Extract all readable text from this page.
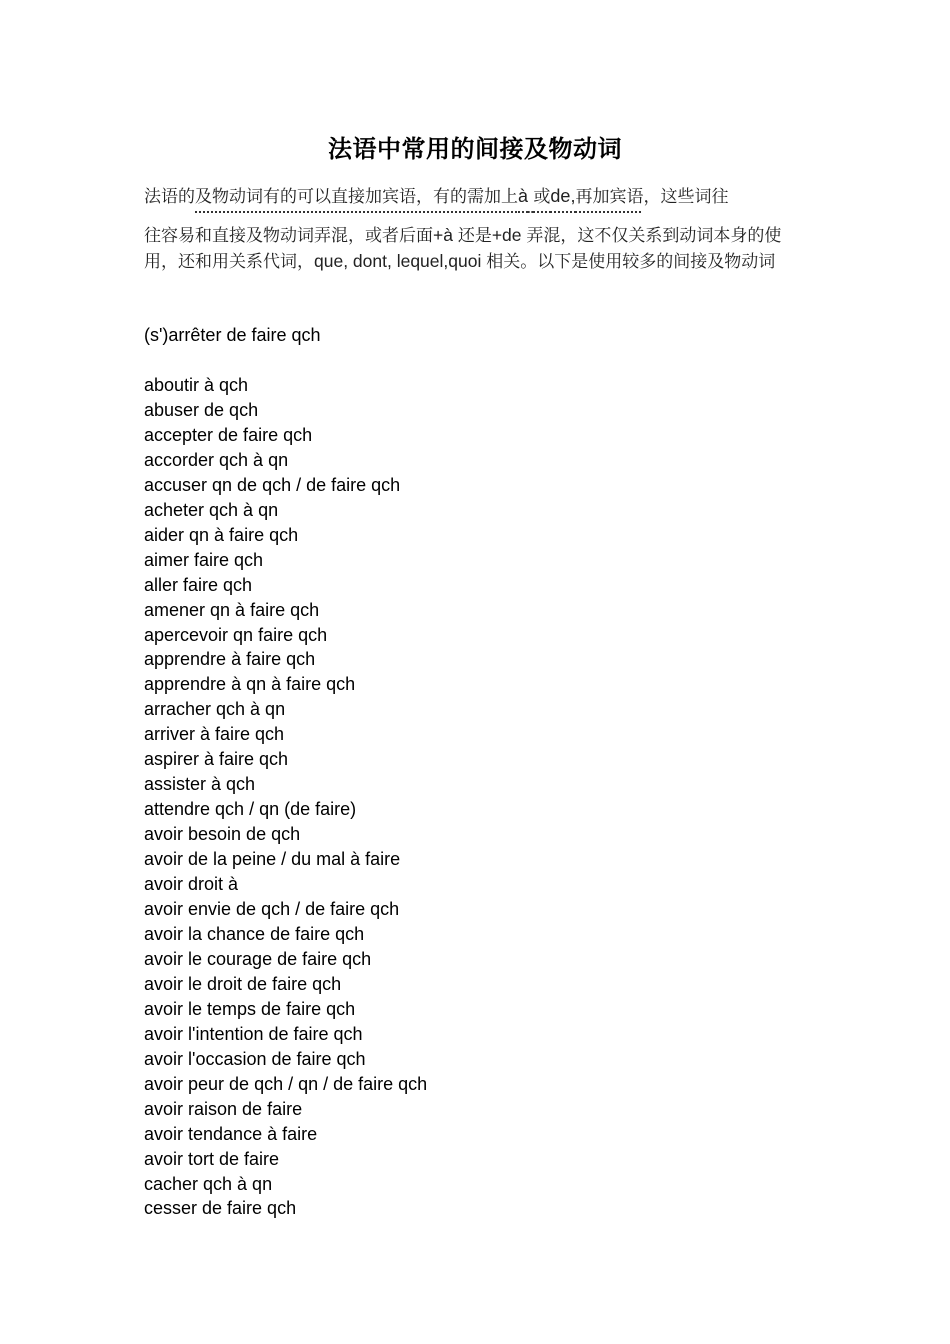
法语中常用的间接及物动词
法语的及物动词有的可以直接加宾语，有的需加上à 或de,再加宾语，这些词往
往容易和直接及物动词弄混，或者后面+à 还是+de 弄混，这不仅关系到动词本身的使用，还和用关系代词，que, dont, lequel,quoi 相关。以下是使用较多的间接及物动词
(s')arrêter de faire qch
aboutir à qch
abuser de qch
accepter de faire qch
accorder qch à qn
accuser qn de qch / de faire qch
acheter qch à qn
aider qn à faire qch
aimer faire qch
aller faire qch
amener qn à faire qch
apercevoir qn faire qch
apprendre à faire qch
apprendre à qn à faire qch
arracher qch à qn
arriver à faire qch
aspirer à faire qch
assister à qch
attendre qch / qn (de faire)
avoir besoin de qch
avoir de la peine / du mal à faire
avoir droit à
avoir envie de qch / de faire qch
avoir la chance de faire qch
avoir le courage de faire qch
avoir le droit de faire qch
avoir le temps de faire qch
avoir l'intention de faire qch
avoir l'occasion de faire qch
avoir peur de qch / qn / de faire qch
avoir raison de faire
avoir tendance à faire
avoir tort de faire
cacher qch à qn
cesser de faire qch
